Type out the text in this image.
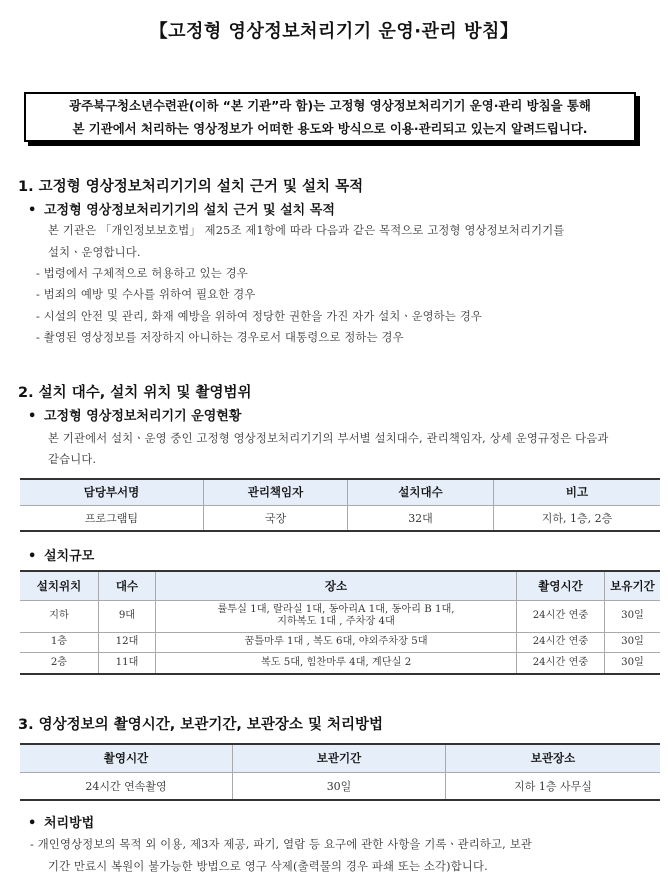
【고정형 영상정보처리기기 운영·관리 방침】
광주북구청소년수련관(이하 “본 기관”라 함)는 고정형 영상정보처리기기 운영·관리 방침을 통해
본 기관에서 처리하는 영상정보가 어떠한 용도와 방식으로 이용·관리되고 있는지 알려드립니다.
1. 고정형 영상정보처리기기의 설치 근거 및 설치 목적
• 고정형 영상정보처리기기의 설치 근거 및 설치 목적
본 기관은 「개인정보보호법」 제25조 제1항에 따라 다음과 같은 목적으로 고정형 영상정보처리기기를
설치ㆍ운영합니다.
- 법령에서 구체적으로 허용하고 있는 경우
- 범죄의 예방 및 수사를 위하여 필요한 경우
- 시설의 안전 및 관리, 화재 예방을 위하여 정당한 권한을 가진 자가 설치ㆍ운영하는 경우
- 촬영된 영상정보를 저장하지 아니하는 경우로서 대통령으로 정하는 경우
2. 설치 대수, 설치 위치 및 촬영범위
• 고정형 영상정보처리기기 운영현황
본 기관에서 설치ㆍ운영 중인 고정형 영상정보처리기기의 부서별 설치대수, 관리책임자, 상세 운영규정은 다음과
같습니다.
담당부서명	관리책임자	설치대수	비고
프로그램팀	국장	32대	지하, 1층, 2층
• 설치규모
설치위치	대수	장소	촬영시간	보유기간
지하	9대	률투실 1대, 랄라실 1대, 동아리A 1대, 동아리 B 1대,
지하복도 1대 , 주차장 4대	24시간 연중	30일
1층	12대	꿈틀마루 1대 , 복도 6대, 야외주차장 5대	24시간 연중	30일
2층	11대	복도 5대, 힘찬마루 4대, 계단실 2	24시간 연중	30일
3. 영상정보의 촬영시간, 보관기간, 보관장소 및 처리방법
촬영시간	보관기간	보관장소
24시간 연속촬영	30일	지하 1층 사무실
• 처리방법
- 개인영상정보의 목적 외 이용, 제3자 제공, 파기, 열람 등 요구에 관한 사항을 기록ㆍ관리하고, 보관
기간 만료시 복원이 불가능한 방법으로 영구 삭제(출력물의 경우 파쇄 또는 소각)합니다.
